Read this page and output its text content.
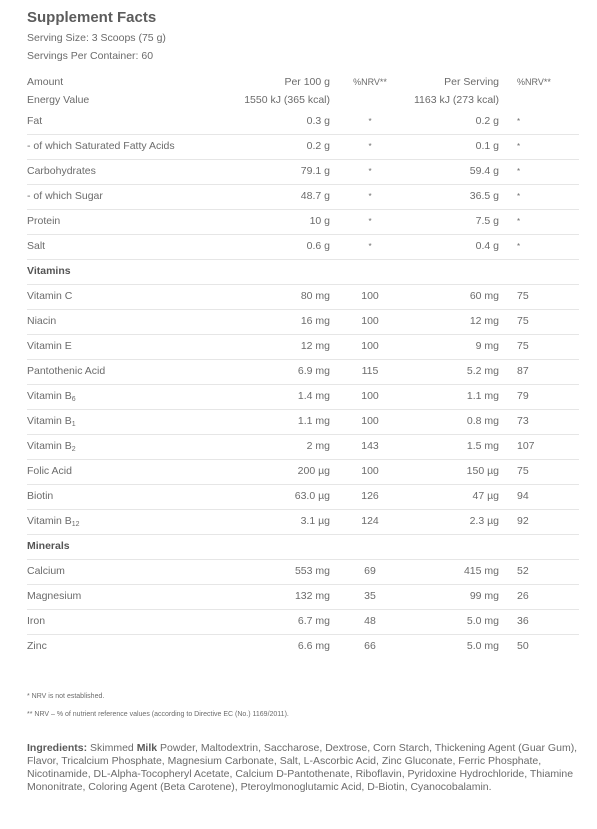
Supplement Facts
Serving Size: 3 Scoops (75 g)
Servings Per Container: 60
Amount	Per 100 g	%NRV**	Per Serving %NRV**
Energy Value	1550 kJ (365 kcal)	1163 kJ (273 kcal)
Fat	0.3 g	*	0.2 g *
- of which Saturated Fatty Acids	0.2 g	*	0.1 g *
Carbohydrates	79.1 g	*	59.4 g *
- of which Sugar	48.7 g	*	36.5 g *
Protein	10 g	*	7.5 g *
Salt	0.6 g	*	0.4 g *
Vitamins
Vitamin C	80 mg	100	60 mg 75
Niacin	16 mg	100	12 mg 75
Vitamin E	12 mg	100	9 mg 75
Pantothenic Acid	6.9 mg	115	5.2 mg 87
Vitamin $B_6$	1.4 mg	100	1.1 mg 79
Vitamin $B_1$	1.1 mg	100	0.8 mg 73
Vitamin $B_2$	2 mg	143	1.5 mg 107
Folic Acid	200 µg	100	150 µg 75
Biotin	63.0 µg	126	47 µg 94
Vitamin $B_{12}$	3.1 µg	124	2.3 µg 92
Minerals
Calcium	553 mg	69	415 mg 52
Magnesium	132 mg	35	99 mg 26
Iron	6.7 mg	48	5.0 mg 36
Zinc	6.6 mg	66	5.0 mg 50
* NRV is not established.
** NRV – % of nutrient reference values (according to Directive EC (No.) 1169/2011).
Ingredients: Skimmed Milk Powder, Maltodextrin, Saccharose, Dextrose, Corn Starch, Thickening Agent (Guar Gum), Flavor, Tricalcium Phosphate, Magnesium Carbonate, Salt, L-Ascorbic Acid, Zinc Gluconate, Ferric Phosphate, Nicotinamide, DL-Alpha-Tocopheryl Acetate, Calcium D-Pantothenate, Riboflavin, Pyridoxine Hydrochloride, Thiamine Mononitrate, Coloring Agent (Beta Carotene), Pteroylmonoglutamic Acid, D-Biotin, Cyanocobalamin.
